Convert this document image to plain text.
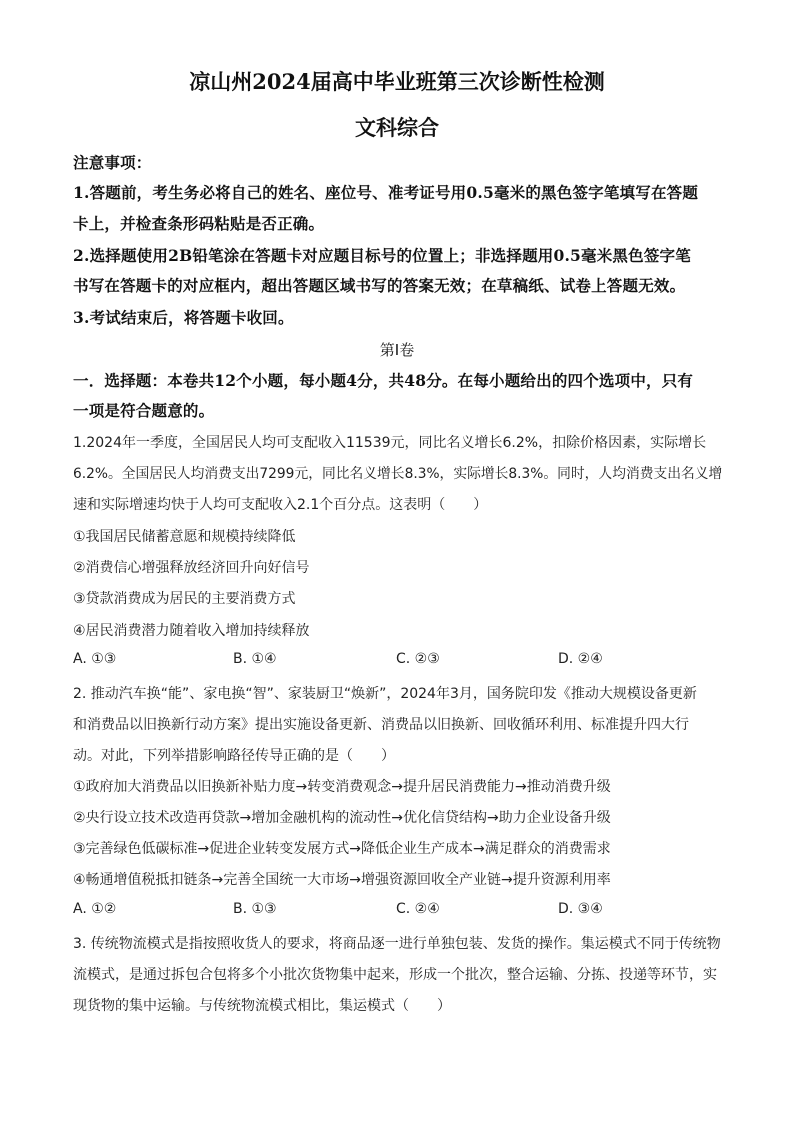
凉山州2024届高中毕业班第三次诊断性检测
文科综合
注意事项：
1.答题前，考生务必将自己的姓名、座位号、准考证号用0.5毫米的黑色签字笔填写在答题
卡上，并检查条形码粘贴是否正确。
2.选择题使用2B铅笔涂在答题卡对应题目标号的位置上；非选择题用0.5毫米黑色签字笔
书写在答题卡的对应框内，超出答题区域书写的答案无效；在草稿纸、试卷上答题无效。
3.考试结束后，将答题卡收回。
第Ⅰ卷
一．选择题：本卷共12个小题，每小题4分，共48分。在每小题给出的四个选项中，只有
一项是符合题意的。
1.2024年一季度，全国居民人均可支配收入11539元，同比名义增长6.2%，扣除价格因素，实际增长
6.2%。全国居民人均消费支出7299元，同比名义增长8.3%，实际增长8.3%。同时，人均消费支出名义增
速和实际增速均快于人均可支配收入2.1个百分点。这表明（　　）
①我国居民储蓄意愿和规模持续降低
②消费信心增强释放经济回升向好信号
③贷款消费成为居民的主要消费方式
④居民消费潜力随着收入增加持续释放
A. ①③	B. ①④	C. ②③	D. ②④
2. 推动汽车换“能”、家电换“智”、家装厨卫“焕新”，2024年3月，国务院印发《推动大规模设备更新
和消费品以旧换新行动方案》提出实施设备更新、消费品以旧换新、回收循环利用、标准提升四大行
动。对此，下列举措影响路径传导正确的是（　　）
①政府加大消费品以旧换新补贴力度→转变消费观念→提升居民消费能力→推动消费升级
②央行设立技术改造再贷款→增加金融机构的流动性→优化信贷结构→助力企业设备升级
③完善绿色低碳标准→促进企业转变发展方式→降低企业生产成本→满足群众的消费需求
④畅通增值税抵扣链条→完善全国统一大市场→增强资源回收全产业链→提升资源利用率
A. ①②	B. ①③	C. ②④	D. ③④
3. 传统物流模式是指按照收货人的要求，将商品逐一进行单独包装、发货的操作。集运模式不同于传统物
流模式，是通过拆包合包将多个小批次货物集中起来，形成一个批次，整合运输、分拣、投递等环节，实
现货物的集中运输。与传统物流模式相比，集运模式（　　）
